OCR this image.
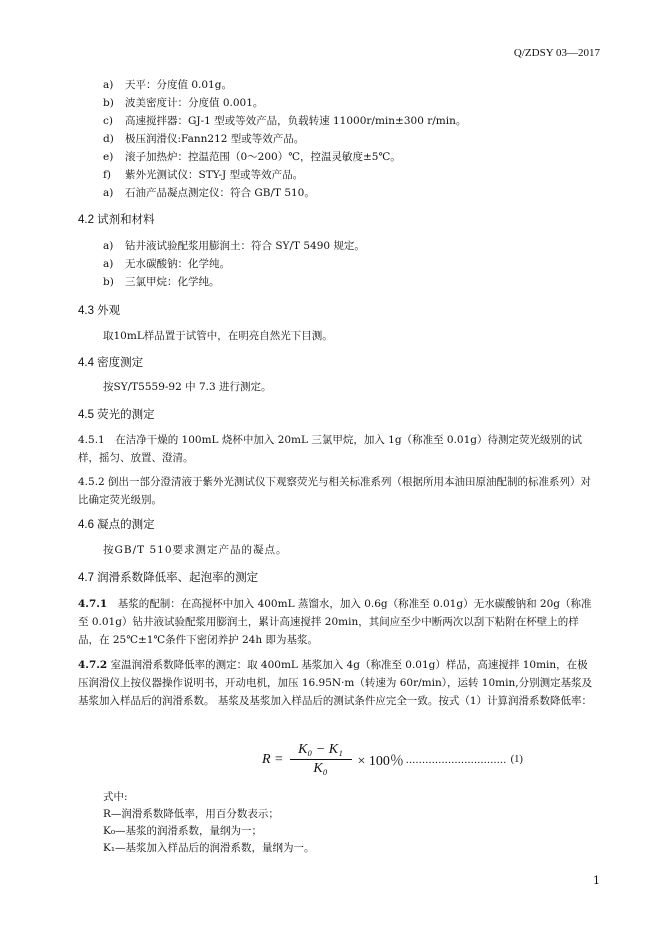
Q/ZDSY 03—2017
a)	天平：分度值 0.01g。
b)	波美密度计：分度值 0.001。
c)	高速搅拌器：GJ-1 型或等效产品，负载转速 11000r/min±300 r/min。
d)	极压润滑仪:Fann212 型或等效产品。
e)	滚子加热炉：控温范围（0～200）℃，控温灵敏度±5℃。
f)	紫外光测试仪：STY-J 型或等效产品。
a)	石油产品凝点测定仪：符合 GB/T 510。
4.2 试剂和材料
a)	钻井液试验配浆用膨润土：符合 SY/T 5490 规定。
a)	无水碳酸钠：化学纯。
b)	三氯甲烷：化学纯。
4.3 外观
取10mL样品置于试管中，在明亮自然光下目测。
4.4 密度测定
按SY/T5559-92 中 7.3 进行测定。
4.5 荧光的测定
4.5.1　在洁净干燥的 100mL 烧杯中加入 20mL 三氯甲烷，加入 1g（称准至 0.01g）待测定荧光级别的试样，摇匀、放置、澄清。
4.5.2 倒出一部分澄清液于紫外光测试仪下观察荧光与相关标准系列（根据所用本油田原油配制的标准系列）对比确定荧光级别。
4.6 凝点的测定
按GB/T 510要求测定产品的凝点。
4.7 润滑系数降低率、起泡率的测定
4.7.1　基浆的配制：在高搅杯中加入 400mL 蒸馏水，加入 0.6g（称准至 0.01g）无水碳酸钠和 20g（称准至 0.01g）钻井液试验配浆用膨润土，累计高速搅拌 20min，其间应至少中断两次以刮下粘附在杯壁上的样品，在 25℃±1℃条件下密闭养护 24h 即为基浆。
4.7.2 室温润滑系数降低率的测定：取 400mL 基浆加入 4g（称准至 0.01g）样品，高速搅拌 10min，在极压润滑仪上按仪器操作说明书，开动电机，加压 16.95N·m（转速为 60r/min），运转 10min,分别测定基浆及基浆加入样品后的润滑系数。 基浆及基浆加入样品后的测试条件应完全一致。按式（1）计算润滑系数降低率：
$R = \frac{\text{K₀ − K₁}}{\text{K₀}} \times 100$％ ............................... (1)
式中:
R—润滑系数降低率，用百分数表示；
K₀—基浆的润滑系数，量纲为一；
K₁—基浆加入样品后的润滑系数，量纲为一。
1
